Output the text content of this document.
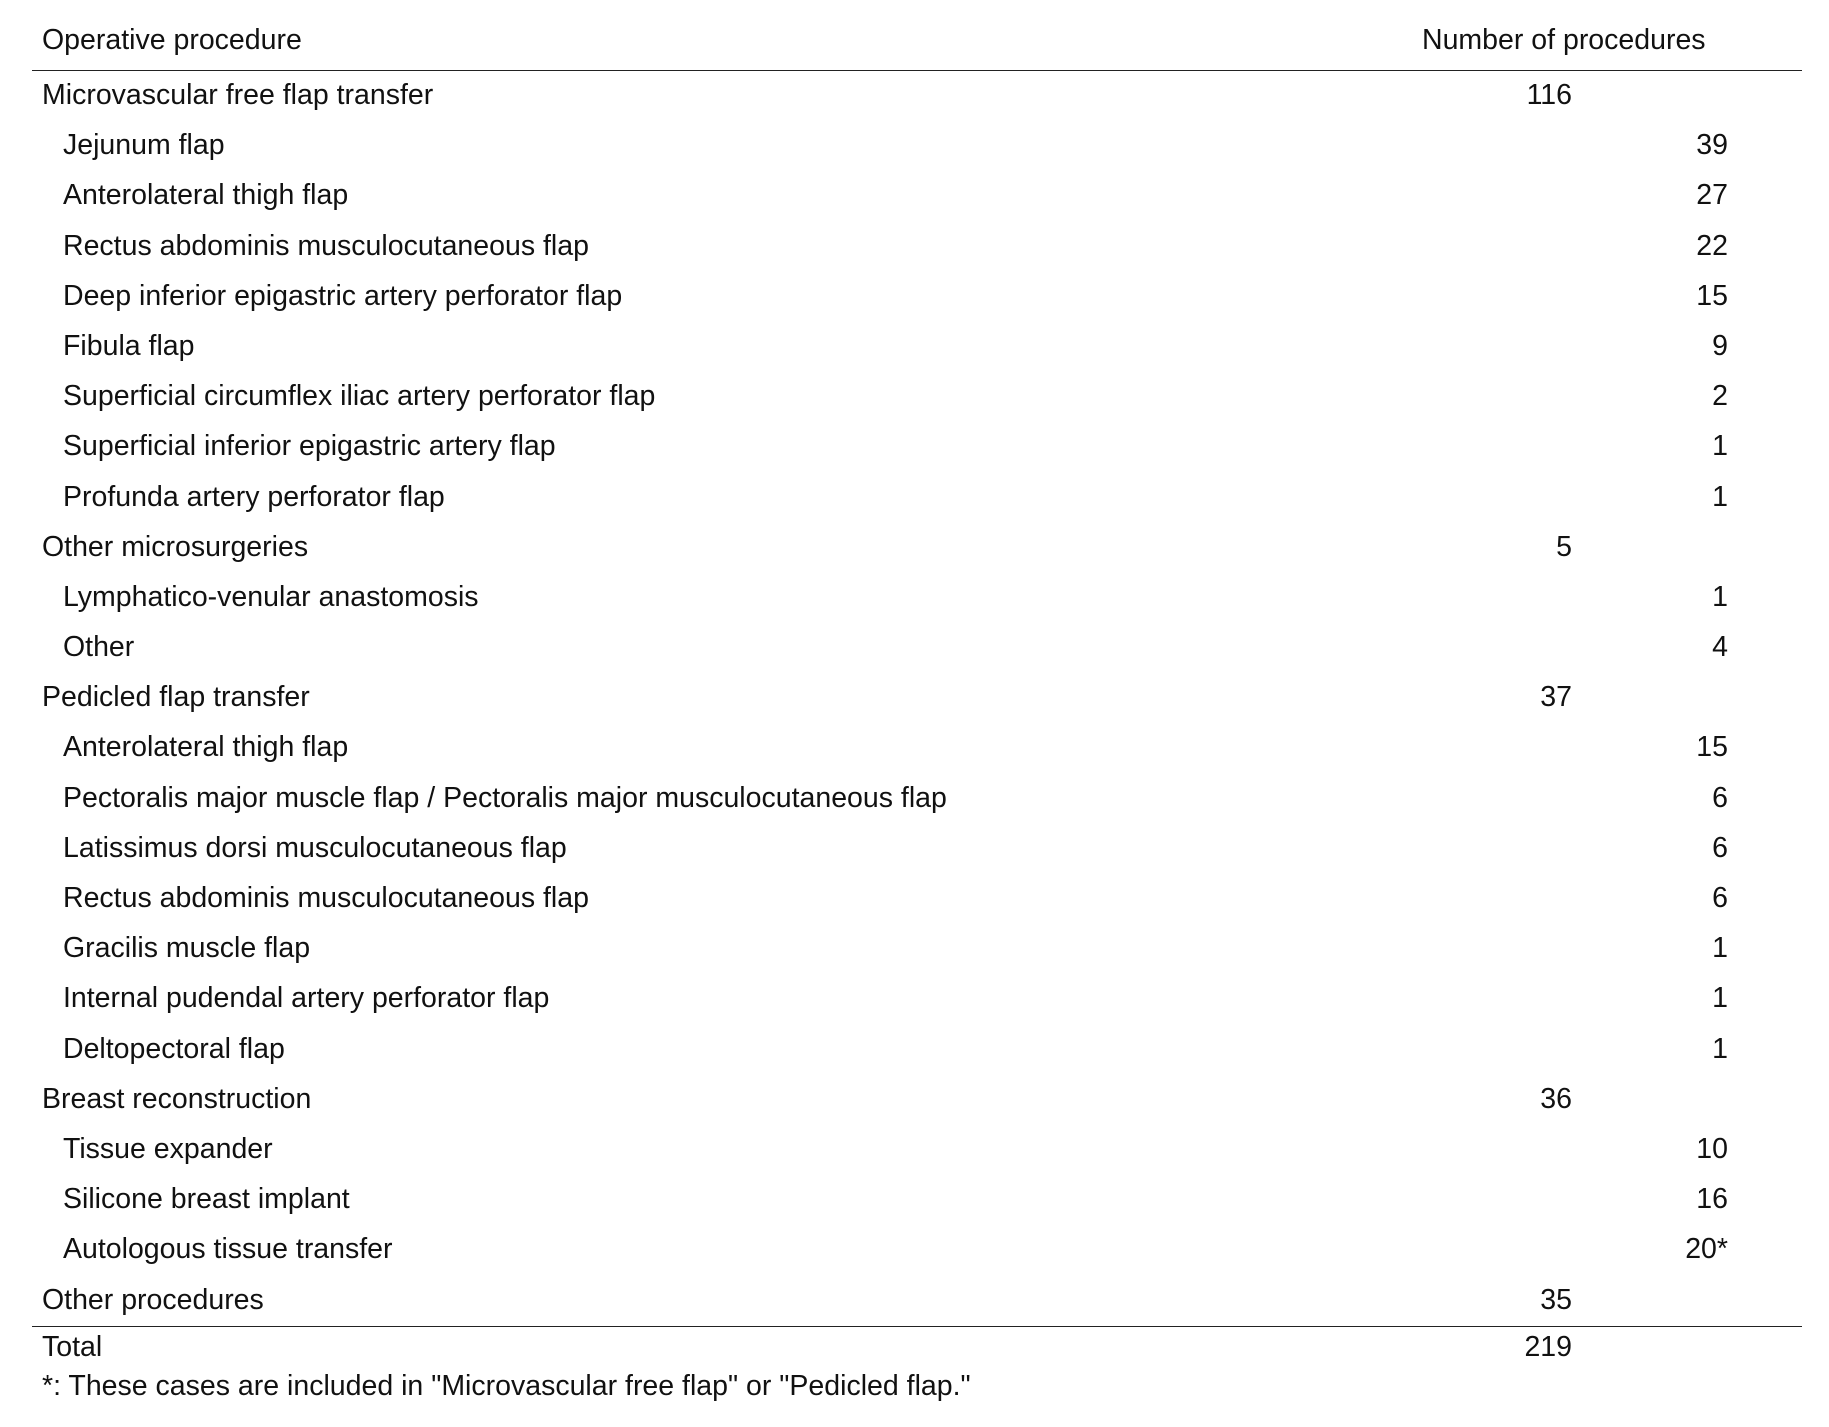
Operative procedure	Number of procedures
Microvascular free flap transfer	116
Jejunum flap	39
Anterolateral thigh flap	27
Rectus abdominis musculocutaneous flap	22
Deep inferior epigastric artery perforator flap	15
Fibula flap	9
Superficial circumflex iliac artery perforator flap	2
Superficial inferior epigastric artery flap	1
Profunda artery perforator flap	1
Other microsurgeries	5
Lymphatico-venular anastomosis	1
Other	4
Pedicled flap transfer	37
Anterolateral thigh flap	15
Pectoralis major muscle flap / Pectoralis major musculocutaneous flap	6
Latissimus dorsi musculocutaneous flap	6
Rectus abdominis musculocutaneous flap	6
Gracilis muscle flap	1
Internal pudendal artery perforator flap	1
Deltopectoral flap	1
Breast reconstruction	36
Tissue expander	10
Silicone breast implant	16
Autologous tissue transfer	20*
Other procedures	35
Total	219
*: These cases are included in "Microvascular free flap" or "Pedicled flap."
